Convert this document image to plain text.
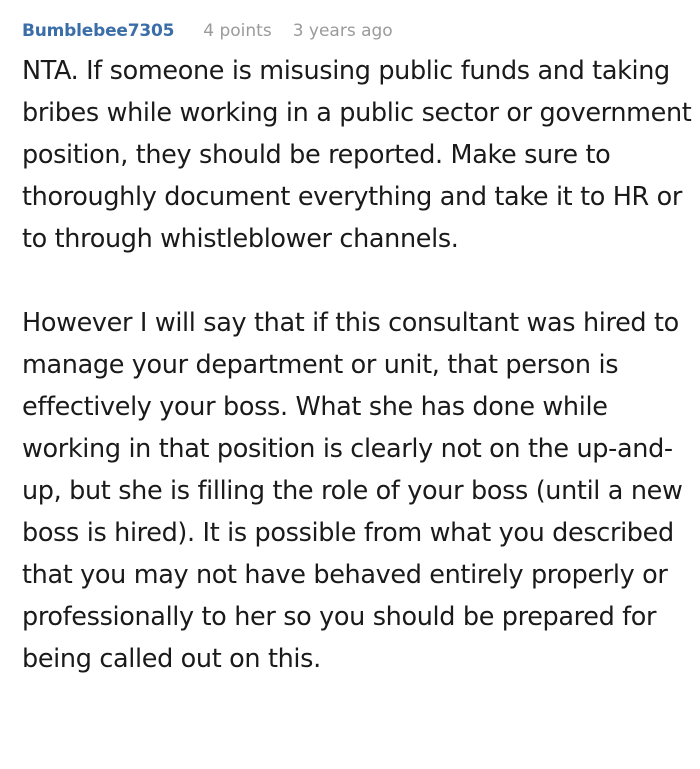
Bumblebee7305 4 points 3 years ago

NTA. If someone is misusing public funds and taking bribes while working in a public sector or government position, they should be reported. Make sure to thoroughly document everything and take it to HR or to through whistleblower channels.

However I will say that if this consultant was hired to manage your department or unit, that person is effectively your boss. What she has done while working in that position is clearly not on the up-and-up, but she is filling the role of your boss (until a new boss is hired). It is possible from what you described that you may not have behaved entirely properly or professionally to her so you should be prepared for being called out on this.
